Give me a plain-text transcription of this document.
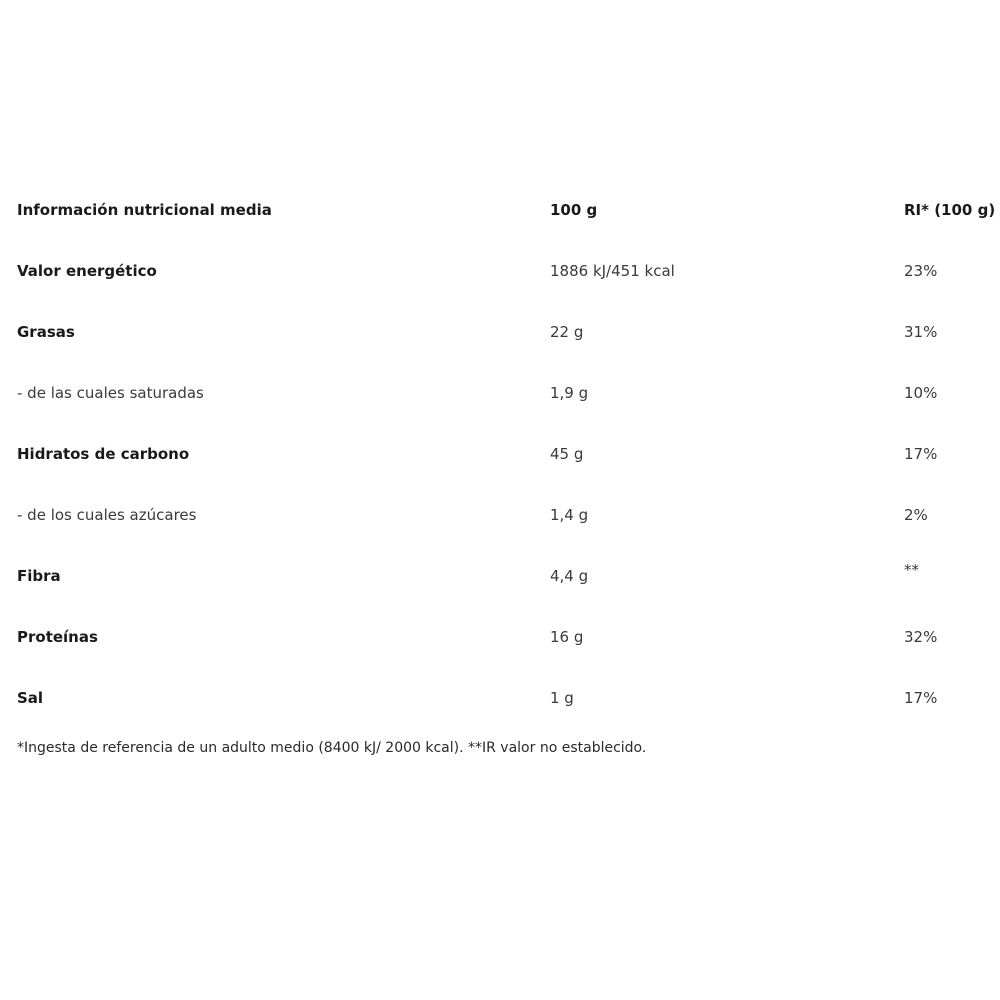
Información nutricional media	100 g	RI* (100 g)
Valor energético	1886 kJ/451 kcal	23%
Grasas	22 g	31%
- de las cuales saturadas	1,9 g	10%
Hidratos de carbono	45 g	17%
- de los cuales azúcares	1,4 g	2%
Fibra	4,4 g	**
Proteínas	16 g	32%
Sal	1 g	17%
*Ingesta de referencia de un adulto medio (8400 kJ/ 2000 kcal). **IR valor no establecido.
